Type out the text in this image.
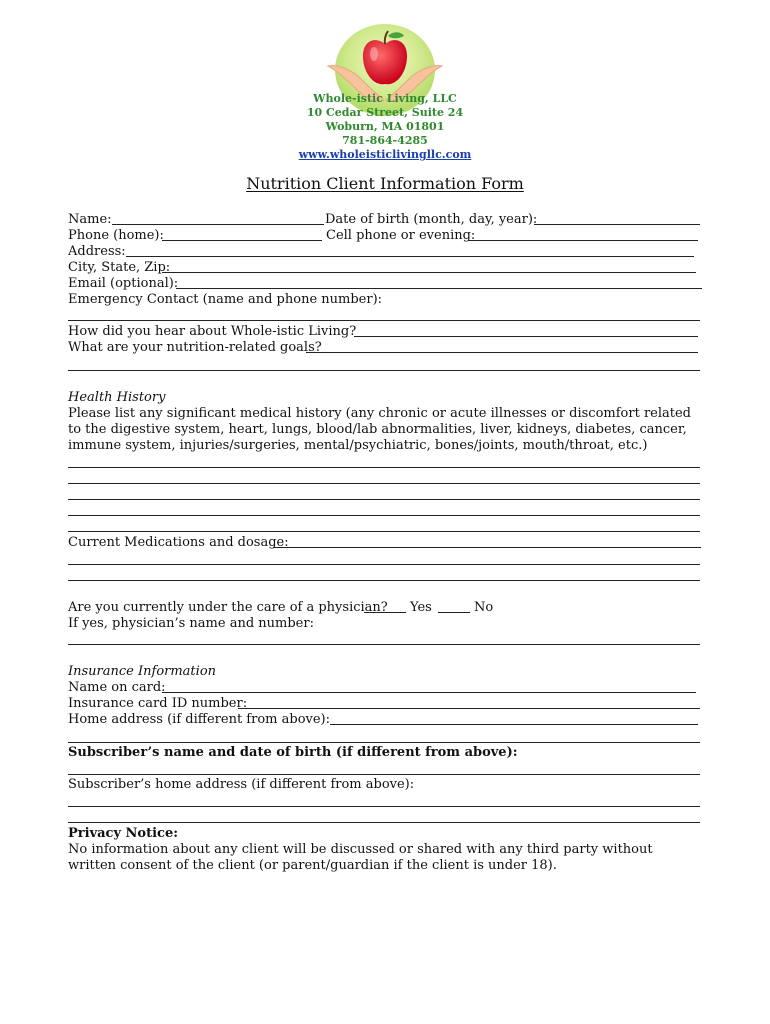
Whole-istic Living, LLC
10 Cedar Street, Suite 24
Woburn, MA 01801
781-864-4285
www.wholeisticlivingllc.com
Nutrition Client Information Form
Name:	Date of birth (month, day, year):
Phone (home):	Cell phone or evening:
Address:
City, State, Zip:
Email (optional):
Emergency Contact (name and phone number):
How did you hear about Whole-istic Living?
What are your nutrition-related goals?
Health History
Please list any significant medical history (any chronic or acute illnesses or discomfort related to the digestive system, heart, lungs, blood/lab abnormalities, liver, kidneys, diabetes, cancer, immune system, injuries/surgeries, mental/psychiatric, bones/joints, mouth/throat, etc.)
Current Medications and dosage:
Are you currently under the care of a physician? Yes	No
If yes, physician’s name and number:
Insurance Information
Name on card:
Insurance card ID number:
Home address (if different from above):
Subscriber’s name and date of birth (if different from above):
Subscriber’s home address (if different from above):
Privacy Notice:
No information about any client will be discussed or shared with any third party without written consent of the client (or parent/guardian if the client is under 18).
